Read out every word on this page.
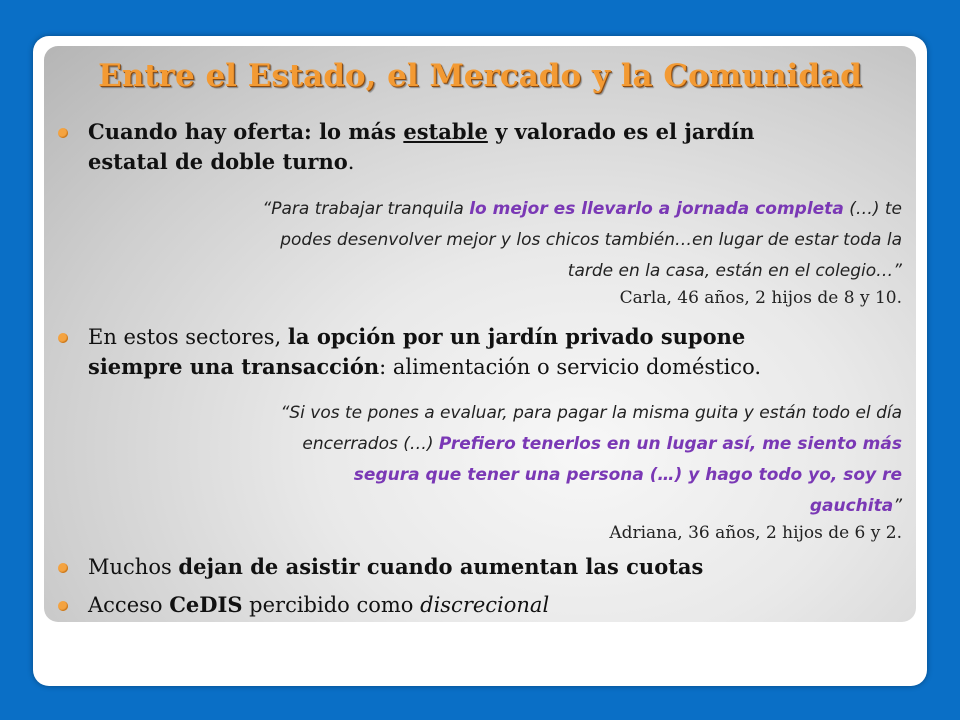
Entre el Estado, el Mercado y la Comunidad
Cuando hay oferta: lo más estable y valorado es el jardín
estatal de doble turno.
“Para trabajar tranquila lo mejor es llevarlo a jornada completa (…) te
podes desenvolver mejor y los chicos también…en lugar de estar toda la
tarde en la casa, están en el colegio…”
Carla, 46 años, 2 hijos de 8 y 10.
En estos sectores, la opción por un jardín privado supone
siempre una transacción: alimentación o servicio doméstico.
“Si vos te pones a evaluar, para pagar la misma guita y están todo el día
encerrados (…) Prefiero tenerlos en un lugar así, me siento más
segura que tener una persona (…) y hago todo yo, soy re
gauchita”
Adriana, 36 años, 2 hijos de 6 y 2.
Muchos dejan de asistir cuando aumentan las cuotas
Acceso CeDIS percibido como discrecional
